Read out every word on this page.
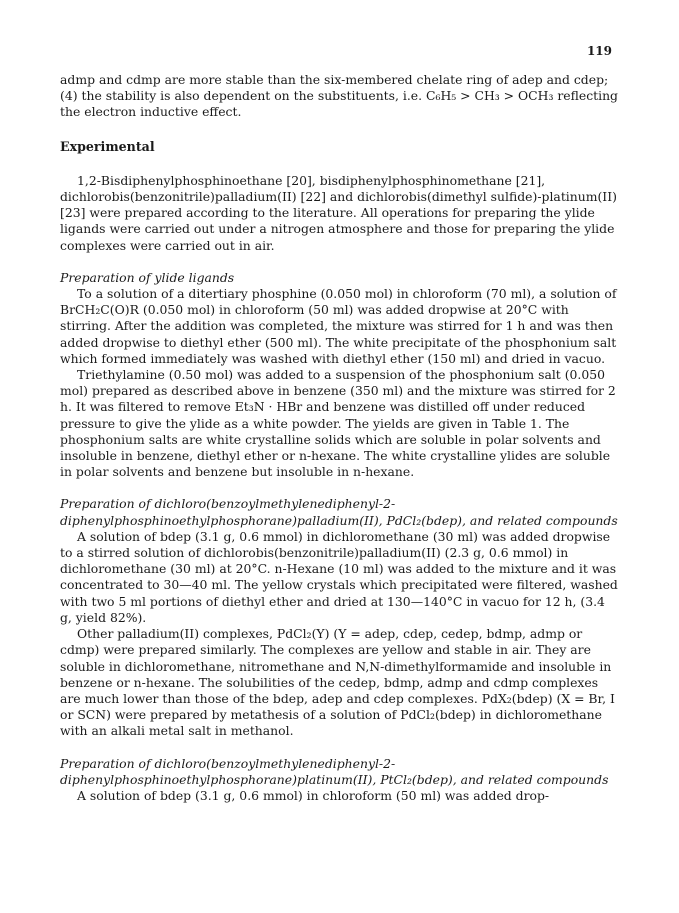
119

admp and cdmp are more stable than the six-membered chelate ring of adep and cdep; (4) the stability is also dependent on the substituents, i.e. C₆H₅ > CH₃ > OCH₃ reflecting the electron inductive effect.

Experimental

1,2-Bisdiphenylphosphinoethane [20], bisdiphenylphosphinomethane [21], dichlorobis(benzonitrile)palladium(II) [22] and dichlorobis(dimethyl sulfide)-platinum(II) [23] were prepared according to the literature. All operations for preparing the ylide ligands were carried out under a nitrogen atmosphere and those for preparing the ylide complexes were carried out in air.

Preparation of ylide ligands

To a solution of a ditertiary phosphine (0.050 mol) in chloroform (70 ml), a solution of BrCH₂C(O)R (0.050 mol) in chloroform (50 ml) was added dropwise at 20°C with stirring. After the addition was completed, the mixture was stirred for 1 h and was then added dropwise to diethyl ether (500 ml). The white precipitate of the phosphonium salt which formed immediately was washed with diethyl ether (150 ml) and dried in vacuo.

Triethylamine (0.50 mol) was added to a suspension of the phosphonium salt (0.050 mol) prepared as described above in benzene (350 ml) and the mixture was stirred for 2 h. It was filtered to remove Et₃N · HBr and benzene was distilled off under reduced pressure to give the ylide as a white powder. The yields are given in Table 1. The phosphonium salts are white crystalline solids which are soluble in polar solvents and insoluble in benzene, diethyl ether or n-hexane. The white crystalline ylides are soluble in polar solvents and benzene but insoluble in n-hexane.

Preparation of dichloro(benzoylmethylenediphenyl-2-diphenylphosphinoethylphosphorane)palladium(II), PdCl₂(bdep), and related compounds

A solution of bdep (3.1 g, 0.6 mmol) in dichloromethane (30 ml) was added dropwise to a stirred solution of dichlorobis(benzonitrile)palladium(II) (2.3 g, 0.6 mmol) in dichloromethane (30 ml) at 20°C. n-Hexane (10 ml) was added to the mixture and it was concentrated to 30—40 ml. The yellow crystals which precipitated were filtered, washed with two 5 ml portions of diethyl ether and dried at 130—140°C in vacuo for 12 h, (3.4 g, yield 82%).

Other palladium(II) complexes, PdCl₂(Y) (Y = adep, cdep, cedep, bdmp, admp or cdmp) were prepared similarly. The complexes are yellow and stable in air. They are soluble in dichloromethane, nitromethane and N,N-dimethylformamide and insoluble in benzene or n-hexane. The solubilities of the cedep, bdmp, admp and cdmp complexes are much lower than those of the bdep, adep and cdep complexes. PdX₂(bdep) (X = Br, I or SCN) were prepared by metathesis of a solution of PdCl₂(bdep) in dichloromethane with an alkali metal salt in methanol.

Preparation of dichloro(benzoylmethylenediphenyl-2-diphenylphosphinoethylphosphorane)platinum(II), PtCl₂(bdep), and related compounds

A solution of bdep (3.1 g, 0.6 mmol) in chloroform (50 ml) was added drop-
